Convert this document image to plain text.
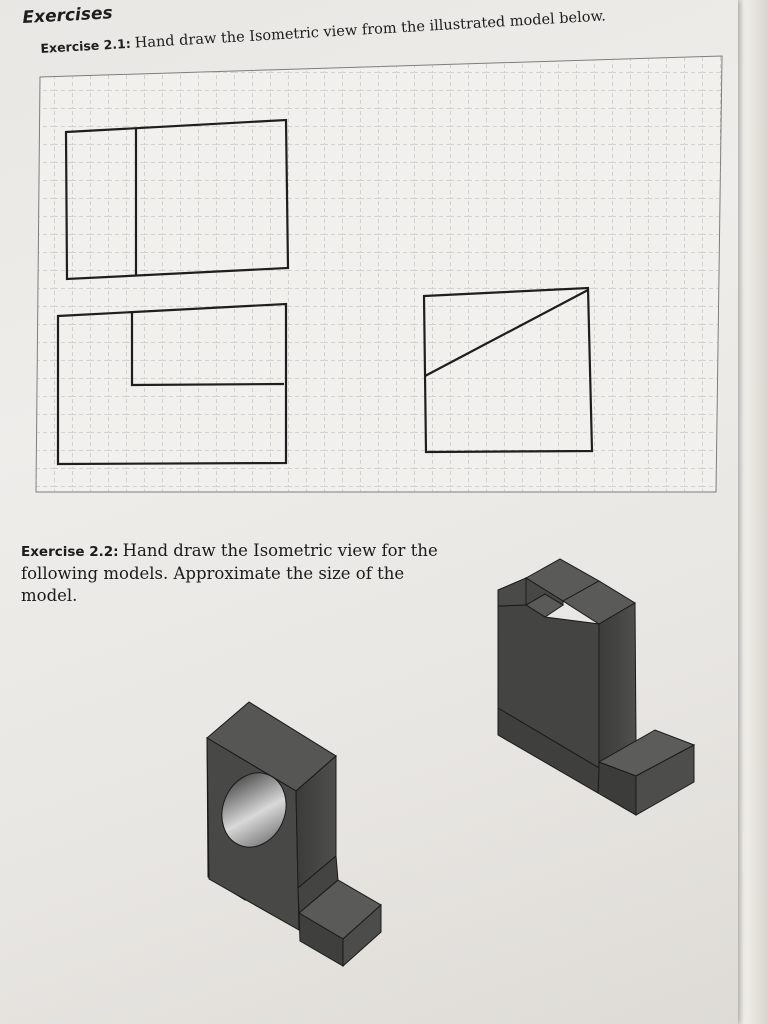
Exercises
Exercise 2.1: Hand draw the Isometric view from the illustrated model below.
Exercise 2.2: Hand draw the Isometric view for the following models. Approximate the size of the model.
